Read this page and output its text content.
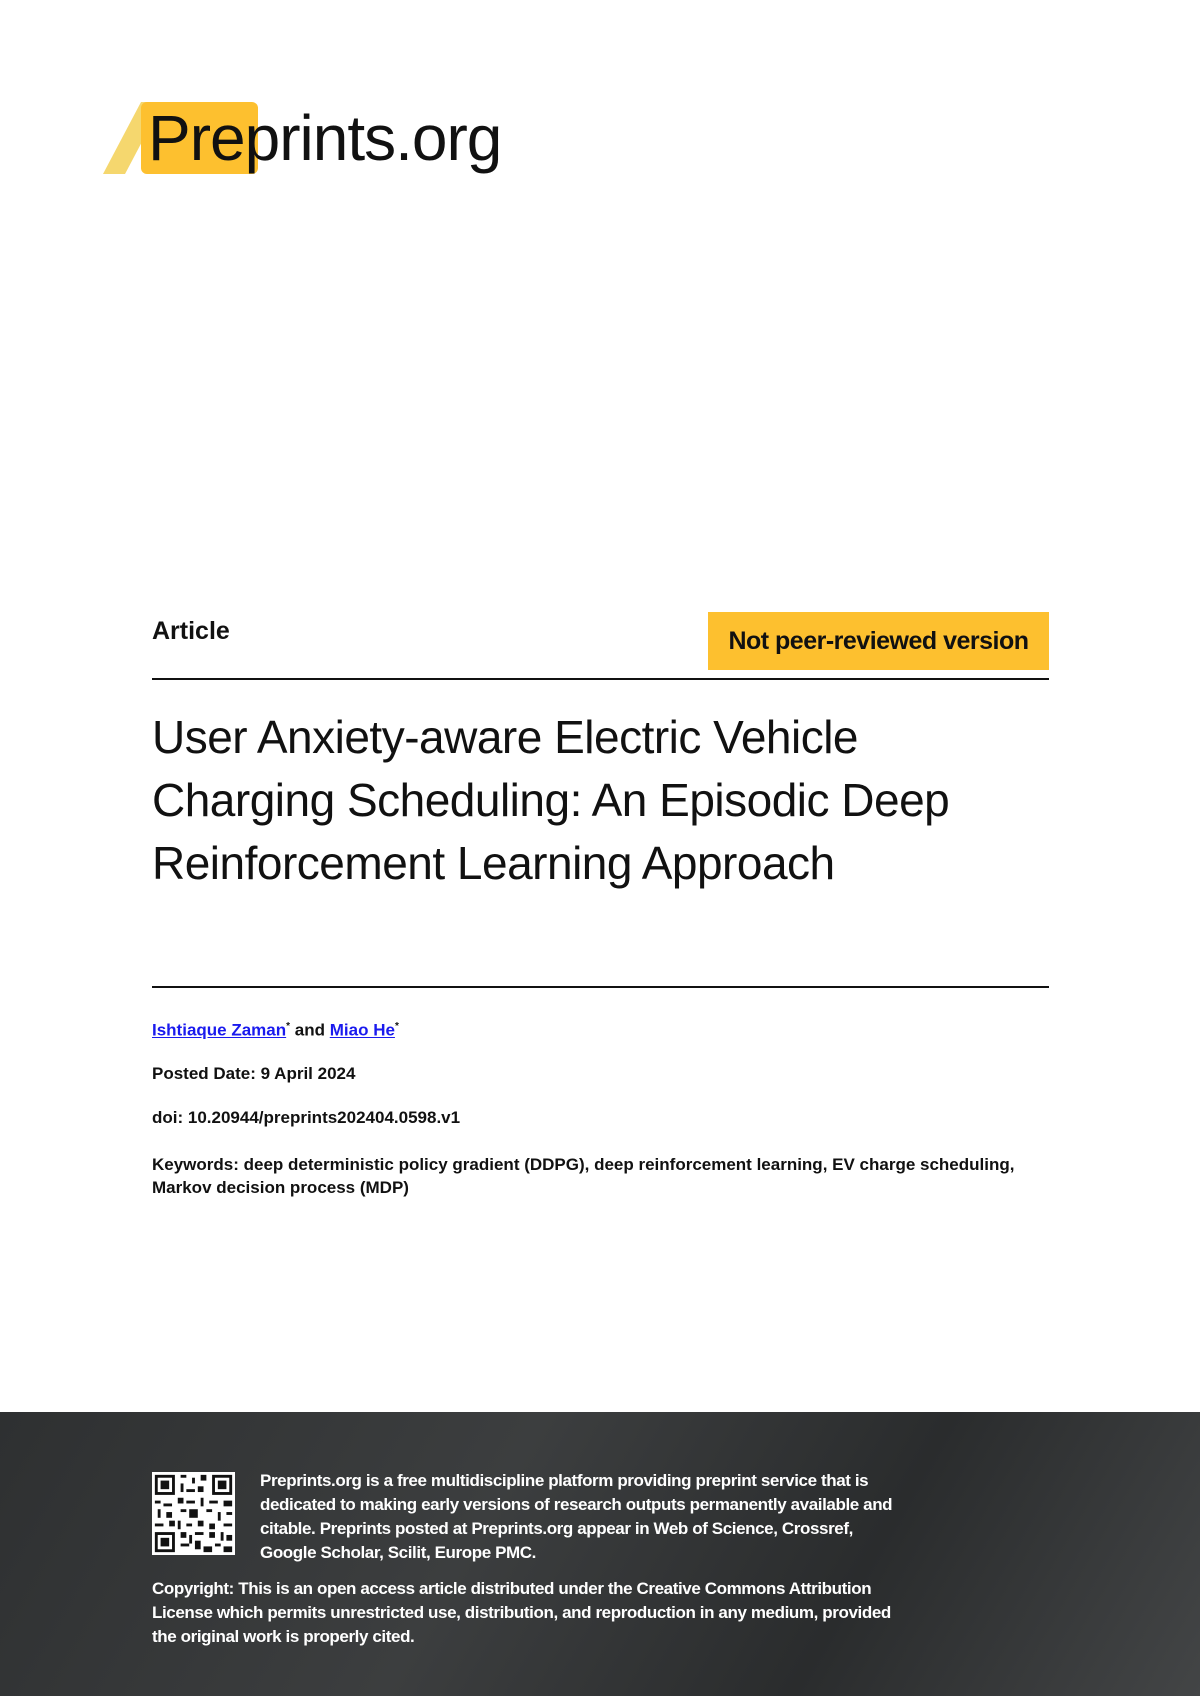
Preprints.org
Article	Not peer-reviewed version
User Anxiety-aware Electric Vehicle Charging Scheduling: An Episodic Deep Reinforcement Learning Approach
Ishtiaque Zaman* and Miao He*
Posted Date: 9 April 2024
doi: 10.20944/preprints202404.0598.v1
Keywords: deep deterministic policy gradient (DDPG), deep reinforcement learning, EV charge scheduling, Markov decision process (MDP)
Preprints.org is a free multidiscipline platform providing preprint service that is dedicated to making early versions of research outputs permanently available and citable. Preprints posted at Preprints.org appear in Web of Science, Crossref, Google Scholar, Scilit, Europe PMC.
Copyright: This is an open access article distributed under the Creative Commons Attribution License which permits unrestricted use, distribution, and reproduction in any medium, provided the original work is properly cited.
